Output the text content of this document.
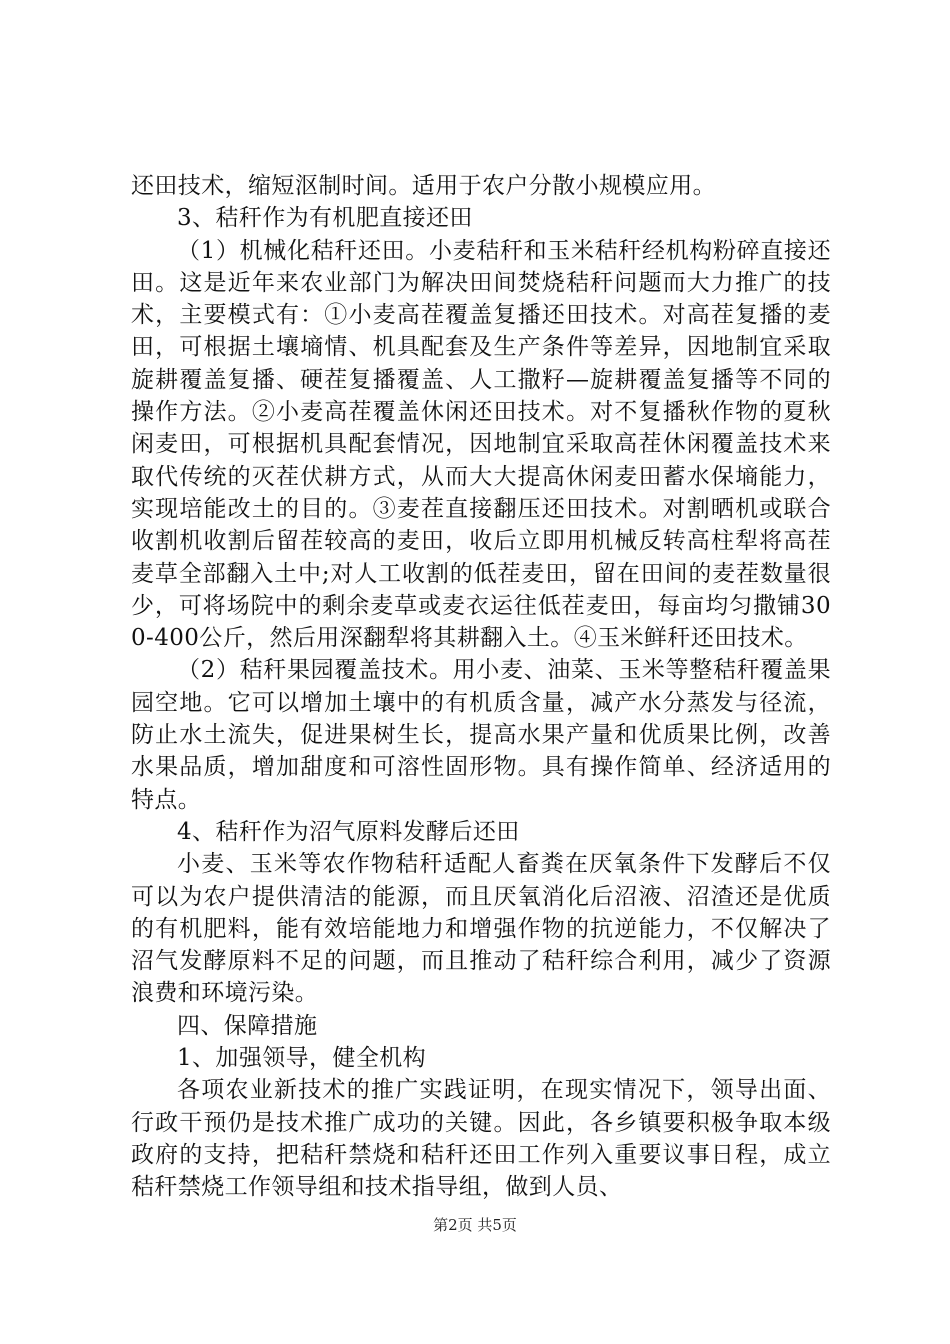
还田技术，缩短沤制时间。适用于农户分散小规模应用。

3、秸秆作为有机肥直接还田

（1）机械化秸秆还田。小麦秸秆和玉米秸秆经机构粉碎直接还田。这是近年来农业部门为解决田间焚烧秸秆问题而大力推广的技术，主要模式有：①小麦高茬覆盖复播还田技术。对高茬复播的麦田，可根据土壤墒情、机具配套及生产条件等差异，因地制宜采取旋耕覆盖复播、硬茬复播覆盖、人工撒籽—旋耕覆盖复播等不同的操作方法。②小麦高茬覆盖休闲还田技术。对不复播秋作物的夏秋闲麦田，可根据机具配套情况，因地制宜采取高茬休闲覆盖技术来取代传统的灭茬伏耕方式，从而大大提高休闲麦田蓄水保墒能力，实现培能改土的目的。③麦茬直接翻压还田技术。对割晒机或联合收割机收割后留茬较高的麦田，收后立即用机械反转高柱犁将高茬麦草全部翻入土中;对人工收割的低茬麦田，留在田间的麦茬数量很少，可将场院中的剩余麦草或麦衣运往低茬麦田，每亩均匀撒铺300-400公斤，然后用深翻犁将其耕翻入土。④玉米鲜秆还田技术。

（2）秸秆果园覆盖技术。用小麦、油菜、玉米等整秸秆覆盖果园空地。它可以增加土壤中的有机质含量，减产水分蒸发与径流，防止水土流失，促进果树生长，提高水果产量和优质果比例，改善水果品质，增加甜度和可溶性固形物。具有操作简单、经济适用的特点。

4、秸秆作为沼气原料发酵后还田

小麦、玉米等农作物秸秆适配人畜粪在厌氧条件下发酵后不仅可以为农户提供清洁的能源，而且厌氧消化后沼液、沼渣还是优质的有机肥料，能有效培能地力和增强作物的抗逆能力，不仅解决了沼气发酵原料不足的问题，而且推动了秸秆综合利用，减少了资源浪费和环境污染。

四、保障措施

1、加强领导，健全机构

各项农业新技术的推广实践证明，在现实情况下，领导出面、行政干预仍是技术推广成功的关键。因此，各乡镇要积极争取本级政府的支持，把秸秆禁烧和秸秆还田工作列入重要议事日程，成立秸秆禁烧工作领导组和技术指导组，做到人员、

第2页 共5页
